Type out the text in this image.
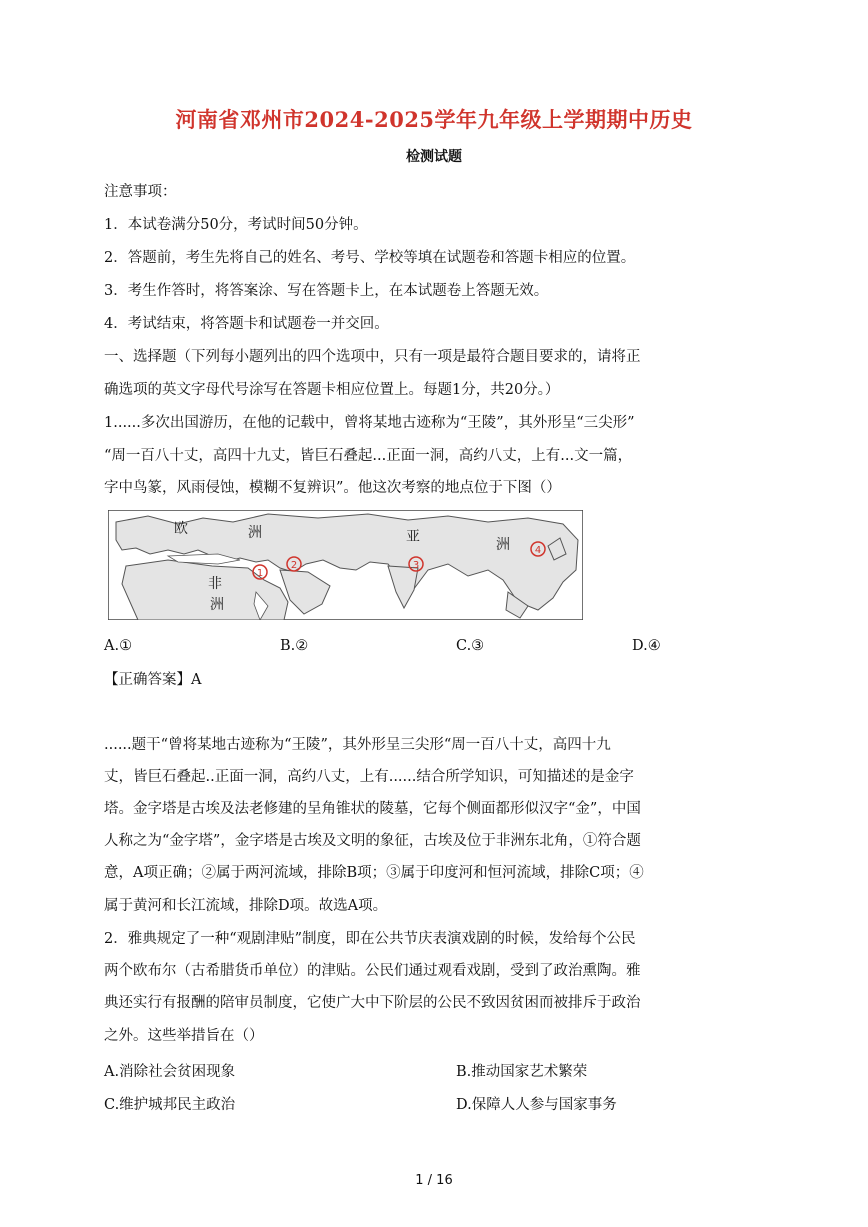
河南省邓州市2024-2025学年九年级上学期期中历史
检测试题
注意事项：
1．本试卷满分50分，考试时间50分钟。
2．答题前，考生先将自己的姓名、考号、学校等填在试题卷和答题卡相应的位置。
3．考生作答时，将答案涂、写在答题卡上，在本试题卷上答题无效。
4．考试结束，将答题卡和试题卷一并交回。
一、选择题（下列每小题列出的四个选项中，只有一项是最符合题目要求的，请将正
确选项的英文字母代号涂写在答题卡相应位置上。每题1分，共20分。）
1......多次出国游历，在他的记载中，曾将某地古迹称为“王陵”，其外形呈“三尖形”
“周一百八十丈，高四十九丈，皆巨石叠起...正面一洞，高约八丈，上有...文一篇，
字中鸟篆，风雨侵蚀，模糊不复辨识”。他这次考察的地点位于下图（）
欧	洲	亚	洲
非
洲
1
2	3
4
A.①	B.②	C.③	D.④
【正确答案】A
......题干“曾将某地古迹称为“王陵”，其外形呈三尖形“周一百八十丈，高四十九
丈，皆巨石叠起..正面一洞，高约八丈，上有......结合所学知识，可知描述的是金字
塔。金字塔是古埃及法老修建的呈角锥状的陵墓，它每个侧面都形似汉字“金”，中国
人称之为“金字塔”，金字塔是古埃及文明的象征，古埃及位于非洲东北角，①符合题
意，A项正确；②属于两河流域，排除B项；③属于印度河和恒河流域，排除C项；④
属于黄河和长江流域，排除D项。故选A项。
2．雅典规定了一种“观剧津贴”制度，即在公共节庆表演戏剧的时候，发给每个公民
两个欧布尔（古希腊货币单位）的津贴。公民们通过观看戏剧，受到了政治熏陶。雅
典还实行有报酬的陪审员制度，它使广大中下阶层的公民不致因贫困而被排斥于政治
之外。这些举措旨在（）
A.消除社会贫困现象	B.推动国家艺术繁荣
C.维护城邦民主政治	D.保障人人参与国家事务
1 / 16
